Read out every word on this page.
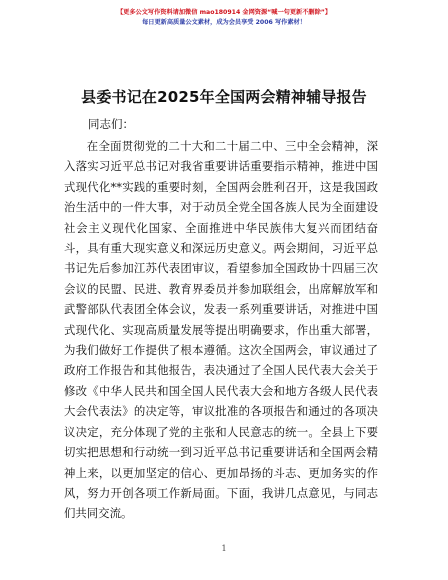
【更多公文写作资料请加微信 mao180914 金网资源“喊一句更新不删除”】
每日更新高质量公文素材，成为会员享受 2006 写作素材！
县委书记在2025年全国两会精神辅导报告
同志们：

在全面贯彻党的二十大和二十届二中、三中全会精神，深入落实习近平总书记对我省重要讲话重要指示精神，推进中国式现代化**实践的重要时刻，全国两会胜利召开，这是我国政治生活中的一件大事，对于动员全党全国各族人民为全面建设社会主义现代化国家、全面推进中华民族伟大复兴而团结奋斗，具有重大现实意义和深远历史意义。两会期间，习近平总书记先后参加江苏代表团审议，看望参加全国政协十四届三次会议的民盟、民进、教育界委员并参加联组会，出席解放军和武警部队代表团全体会议，发表一系列重要讲话，对推进中国式现代化、实现高质量发展等提出明确要求，作出重大部署，为我们做好工作提供了根本遵循。这次全国两会，审议通过了政府工作报告和其他报告，表决通过了全国人民代表大会关于修改《中华人民共和国全国人民代表大会和地方各级人民代表大会代表法》的决定等，审议批准的各项报告和通过的各项决议决定，充分体现了党的主张和人民意志的统一。全县上下要切实把思想和行动统一到习近平总书记重要讲话和全国两会精神上来，以更加坚定的信心、更加昂扬的斗志、更加务实的作风，努力开创各项工作新局面。下面，我讲几点意见，与同志们共同交流。

1
